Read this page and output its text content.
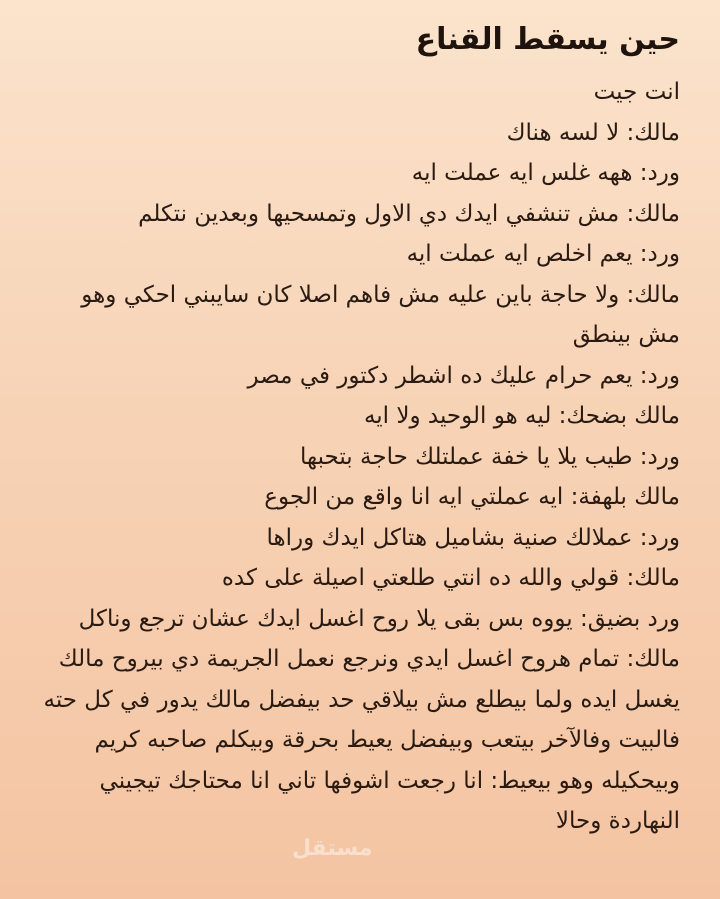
حين يسقط القناع

انت جيت

مالك: لا لسه هناك

ورد: ههه غلس ايه عملت ايه

مالك: مش تنشفي ايدك دي الاول وتمسحيها وبعدين نتكلم

ورد: يعم اخلص ايه عملت ايه

مالك: ولا حاجة باين عليه مش فاهم اصلا كان سايبني احكي وهو مش بينطق

ورد: يعم حرام عليك ده اشطر دكتور في مصر

مالك بضحك: ليه هو الوحيد ولا ايه

ورد: طيب يلا يا خفة عملتلك حاجة بتحبها

مالك بلهفة: ايه عملتي ايه انا واقع من الجوع

ورد: عملالك صنية بشاميل هتاكل ايدك وراها

مالك: قولي والله ده انتي طلعتي اصيلة على كده

ورد بضيق: يووه بس بقى يلا روح اغسل ايدك عشان ترجع وناكل

مالك: تمام هروح اغسل ايدي ونرجع نعمل الجريمة دي بيروح مالك يغسل ايده ولما بيطلع مش بيلاقي حد بيفضل مالك يدور في كل حته فالبيت وفالآخر بيتعب وبيفضل يعيط بحرقة وبيكلم صاحبه كريم وبيحكيله وهو بيعيط: انا رجعت اشوفها تاني انا محتاجك تيجيني النهاردة وحالا

مستقل
